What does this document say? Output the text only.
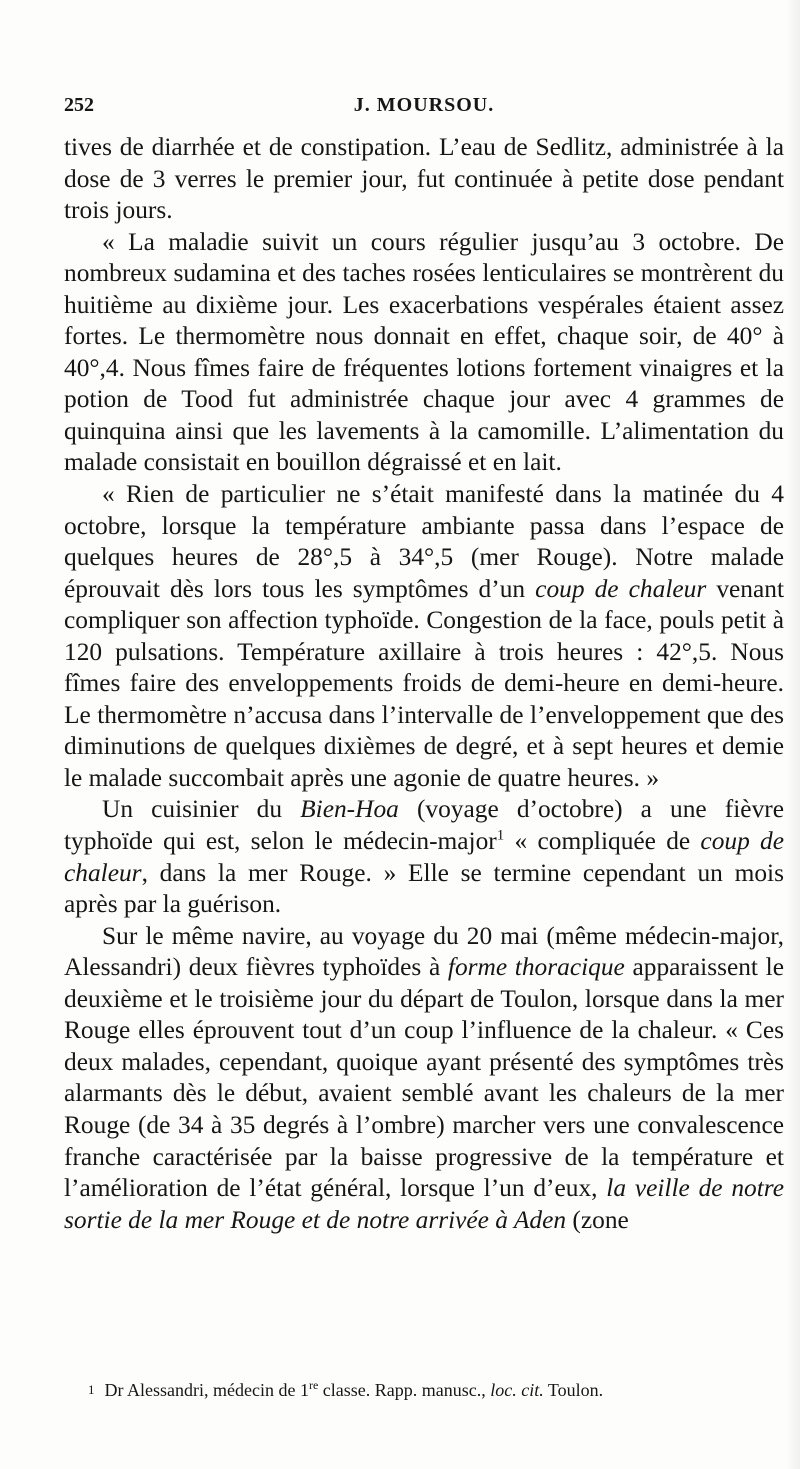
252	J. MOURSOU.

tives de diarrhée et de constipation. L’eau de Sedlitz, administrée à la dose de 3 verres le premier jour, fut continuée à petite dose pendant trois jours.

« La maladie suivit un cours régulier jusqu’au 3 octobre. De nombreux sudamina et des taches rosées lenticulaires se montrèrent du huitième au dixième jour. Les exacerbations vespérales étaient assez fortes. Le thermomètre nous donnait en effet, chaque soir, de 40° à 40°,4. Nous fîmes faire de fréquentes lotions fortement vinaigres et la potion de Tood fut administrée chaque jour avec 4 grammes de quinquina ainsi que les lavements à la camomille. L’alimentation du malade consistait en bouillon dégraissé et en lait.

« Rien de particulier ne s’était manifesté dans la matinée du 4 octobre, lorsque la température ambiante passa dans l’espace de quelques heures de 28°,5 à 34°,5 (mer Rouge). Notre malade éprouvait dès lors tous les symptômes d’un coup de chaleur venant compliquer son affection typhoïde. Congestion de la face, pouls petit à 120 pulsations. Température axillaire à trois heures : 42°,5. Nous fîmes faire des enveloppements froids de demi-heure en demi-heure. Le thermomètre n’accusa dans l’intervalle de l’enveloppement que des diminutions de quelques dixièmes de degré, et à sept heures et demie le malade succombait après une agonie de quatre heures. »

Un cuisinier du Bien-Hoa (voyage d’octobre) a une fièvre typhoïde qui est, selon le médecin-major$^1$ « compliquée de coup de chaleur, dans la mer Rouge. » Elle se termine cependant un mois après par la guérison.

Sur le même navire, au voyage du 20 mai (même médecin-major, Alessandri) deux fièvres typhoïdes à forme thoracique apparaissent le deuxième et le troisième jour du départ de Toulon, lorsque dans la mer Rouge elles éprouvent tout d’un coup l’influence de la chaleur. « Ces deux malades, cependant, quoique ayant présenté des symptômes très alarmants dès le début, avaient semblé avant les chaleurs de la mer Rouge (de 34 à 35 degrés à l’ombre) marcher vers une convalescence franche caractérisée par la baisse progressive de la température et l’amélioration de l’état général, lorsque l’un d’eux, la veille de notre sortie de la mer Rouge et de notre arrivée à Aden (zone

$^1$ Dr Alessandri, médecin de 1re classe. Rapp. manusc., loc. cit. Toulon.
